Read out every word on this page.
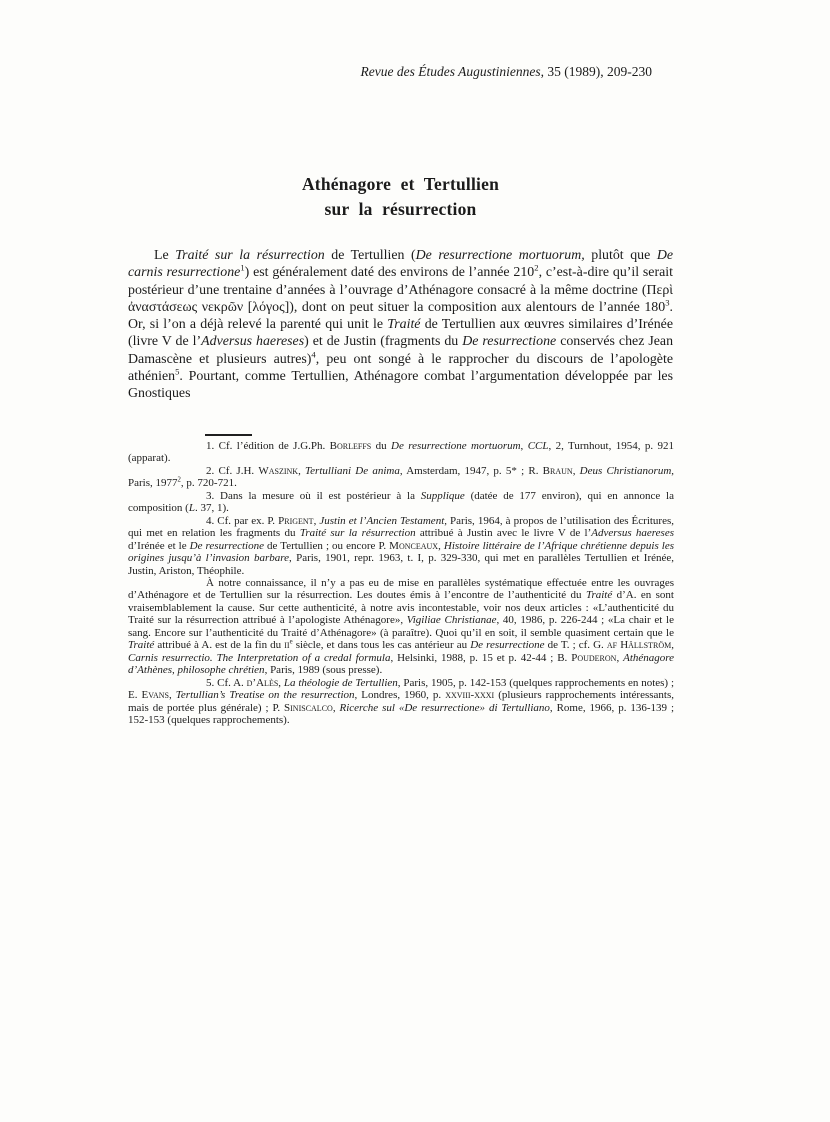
Revue des Études Augustiniennes, 35 (1989), 209-230
Athénagore et Tertullien
sur la résurrection

Le Traité sur la résurrection de Tertullien (De resurrectione mortuorum, plutôt que De carnis resurrectione$^1$) est généralement daté des environs de l’année $210^2$, c’est-à-dire qu’il serait postérieur d’une trentaine d’années à l’ouvrage d’Athénagore consacré à la même doctrine (Περὶ ἀναστάσεως νεκρῶν [λόγος]), dont on peut situer la composition aux alentours de l’année $180^3$. Or, si l’on a déjà relevé la parenté qui unit le Traité de Tertullien aux œuvres similaires d’Irénée (livre V de l’Adversus haereses) et de Justin (fragments du De resurrectione conservés chez Jean Damascène et plusieurs autres)$^4$, peu ont songé à le rapprocher du discours de l’apologète athénien$^5$. Pourtant, comme Tertullien, Athénagore combat l’argumentation développée par les Gnostiques

1. Cf. l’édition de J.G.Ph. Borleffs du De resurrectione mortuorum, CCL, 2, Turnhout, 1954, p. 921 (apparat).

2. Cf. J.H. Waszink, Tertulliani De anima, Amsterdam, 1947, p. 5* ; R. Braun, Deus Christianorum, Paris, 1977$^2$, p. 720-721.

3. Dans la mesure où il est postérieur à la Supplique (datée de 177 environ), qui en annonce la composition (L. 37, 1).

4. Cf. par ex. P. Prigent, Justin et l’Ancien Testament, Paris, 1964, à propos de l’utilisation des Écritures, qui met en relation les fragments du Traité sur la résurrection attribué à Justin avec le livre V de l’Adversus haereses d’Irénée et le De resurrectione de Tertullien ; ou encore P. Monceaux, Histoire littéraire de l’Afrique chrétienne depuis les origines jusqu’à l’invasion barbare, Paris, 1901, repr. 1963, t. I, p. 329-330, qui met en parallèles Tertullien et Irénée, Justin, Ariston, Théophile.

À notre connaissance, il n’y a pas eu de mise en parallèles systématique effectuée entre les ouvrages d’Athénagore et de Tertullien sur la résurrection. Les doutes émis à l’encontre de l’authenticité du Traité d’A. en sont vraisemblablement la cause. Sur cette authenticité, à notre avis incontestable, voir nos deux articles : «L’authenticité du Traité sur la résurrection attribué à l’apologiste Athénagore», Vigiliae Christianae, 40, 1986, p. 226-244 ; «La chair et le sang. Encore sur l’authenticité du Traité d’Athénagore» (à paraître). Quoi qu’il en soit, il semble quasiment certain que le Traité attribué à A. est de la fin du $ii^e$ siècle, et dans tous les cas antérieur au De resurrectione de T. ; cf. G. af Hällström, Carnis resurrectio. The Interpretation of a credal formula, Helsinki, 1988, p. 15 et p. 42-44 ; B. Pouderon, Athénagore d’Athènes, philosophe chrétien, Paris, 1989 (sous presse).

5. Cf. A. d’Alès, La théologie de Tertullien, Paris, 1905, p. 142-153 (quelques rapprochements en notes) ; E. Evans, Tertullian’s Treatise on the resurrection, Londres, 1960, p. xxviii-xxxi (plusieurs rapprochements intéressants, mais de portée plus générale) ; P. Siniscalco, Ricerche sul «De resurrectione» di Tertulliano, Rome, 1966, p. 136-139 ; 152-153 (quelques rapprochements).
